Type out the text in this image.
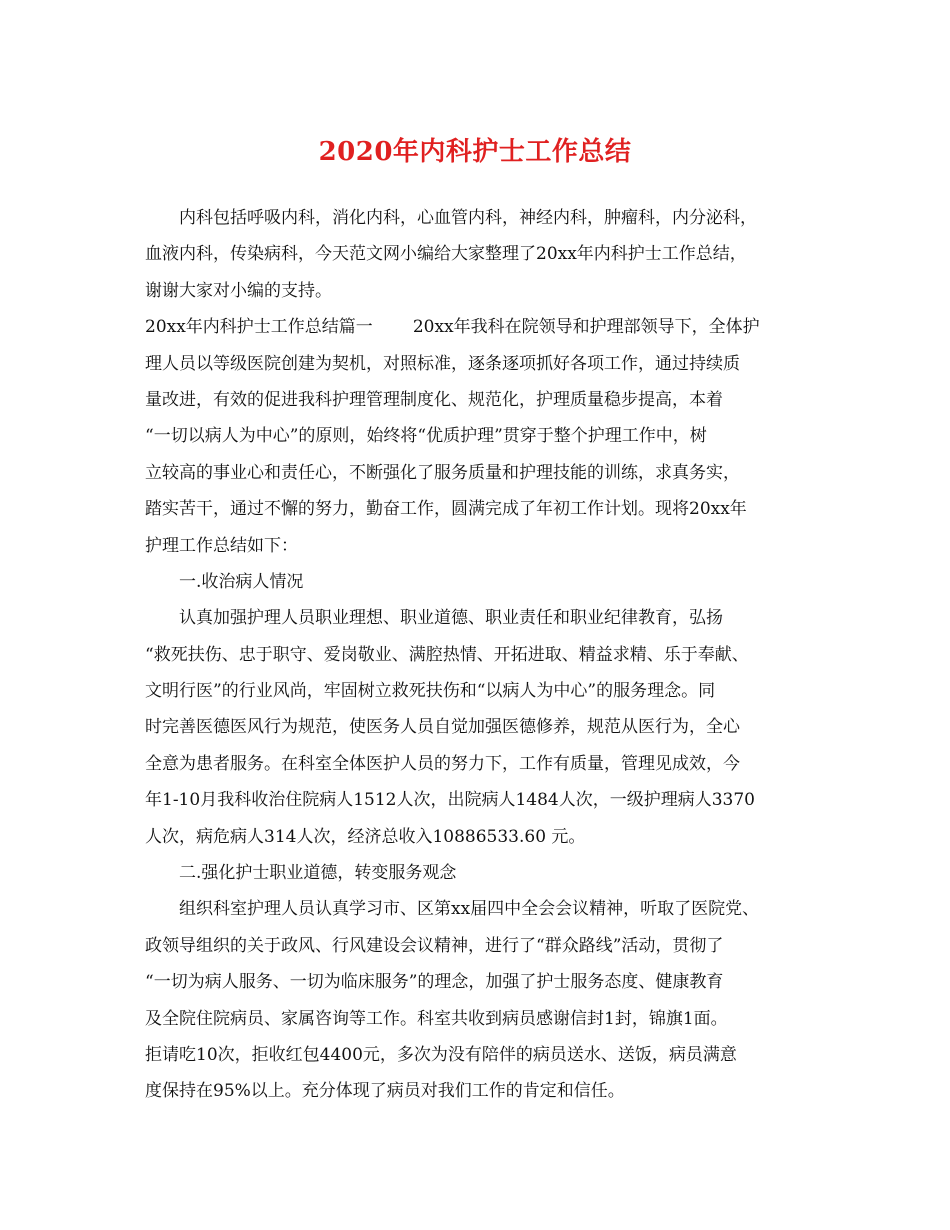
2020年内科护士工作总结
内科包括呼吸内科，消化内科，心血管内科，神经内科，肿瘤科，内分泌科，
血液内科，传染病科，今天范文网小编给大家整理了20xx年内科护士工作总结，
谢谢大家对小编的支持。
20xx年内科护士工作总结篇一 20xx年我科在院领导和护理部领导下，全体护
理人员以等级医院创建为契机，对照标准，逐条逐项抓好各项工作，通过持续质
量改进，有效的促进我科护理管理制度化、规范化，护理质量稳步提高，本着
“一切以病人为中心”的原则，始终将“优质护理”贯穿于整个护理工作中，树
立较高的事业心和责任心，不断强化了服务质量和护理技能的训练，求真务实，
踏实苦干，通过不懈的努力，勤奋工作，圆满完成了年初工作计划。现将20xx年
护理工作总结如下：
一.收治病人情况
认真加强护理人员职业理想、职业道德、职业责任和职业纪律教育，弘扬
“救死扶伤、忠于职守、爱岗敬业、满腔热情、开拓进取、精益求精、乐于奉献、
文明行医”的行业风尚，牢固树立救死扶伤和“以病人为中心”的服务理念。同
时完善医德医风行为规范，使医务人员自觉加强医德修养，规范从医行为，全心
全意为患者服务。在科室全体医护人员的努力下，工作有质量，管理见成效，今
年1-10月我科收治住院病人1512人次，出院病人1484人次，一级护理病人3370
人次，病危病人314人次，经济总收入10886533.60 元。
二.强化护士职业道德，转变服务观念
组织科室护理人员认真学习市、区第xx届四中全会会议精神，听取了医院党、
政领导组织的关于政风、行风建设会议精神，进行了“群众路线”活动，贯彻了
“一切为病人服务、一切为临床服务”的理念，加强了护士服务态度、健康教育
及全院住院病员、家属咨询等工作。科室共收到病员感谢信封1封，锦旗1面。
拒请吃10次，拒收红包4400元，多次为没有陪伴的病员送水、送饭，病员满意
度保持在95%以上。充分体现了病员对我们工作的肯定和信任。
